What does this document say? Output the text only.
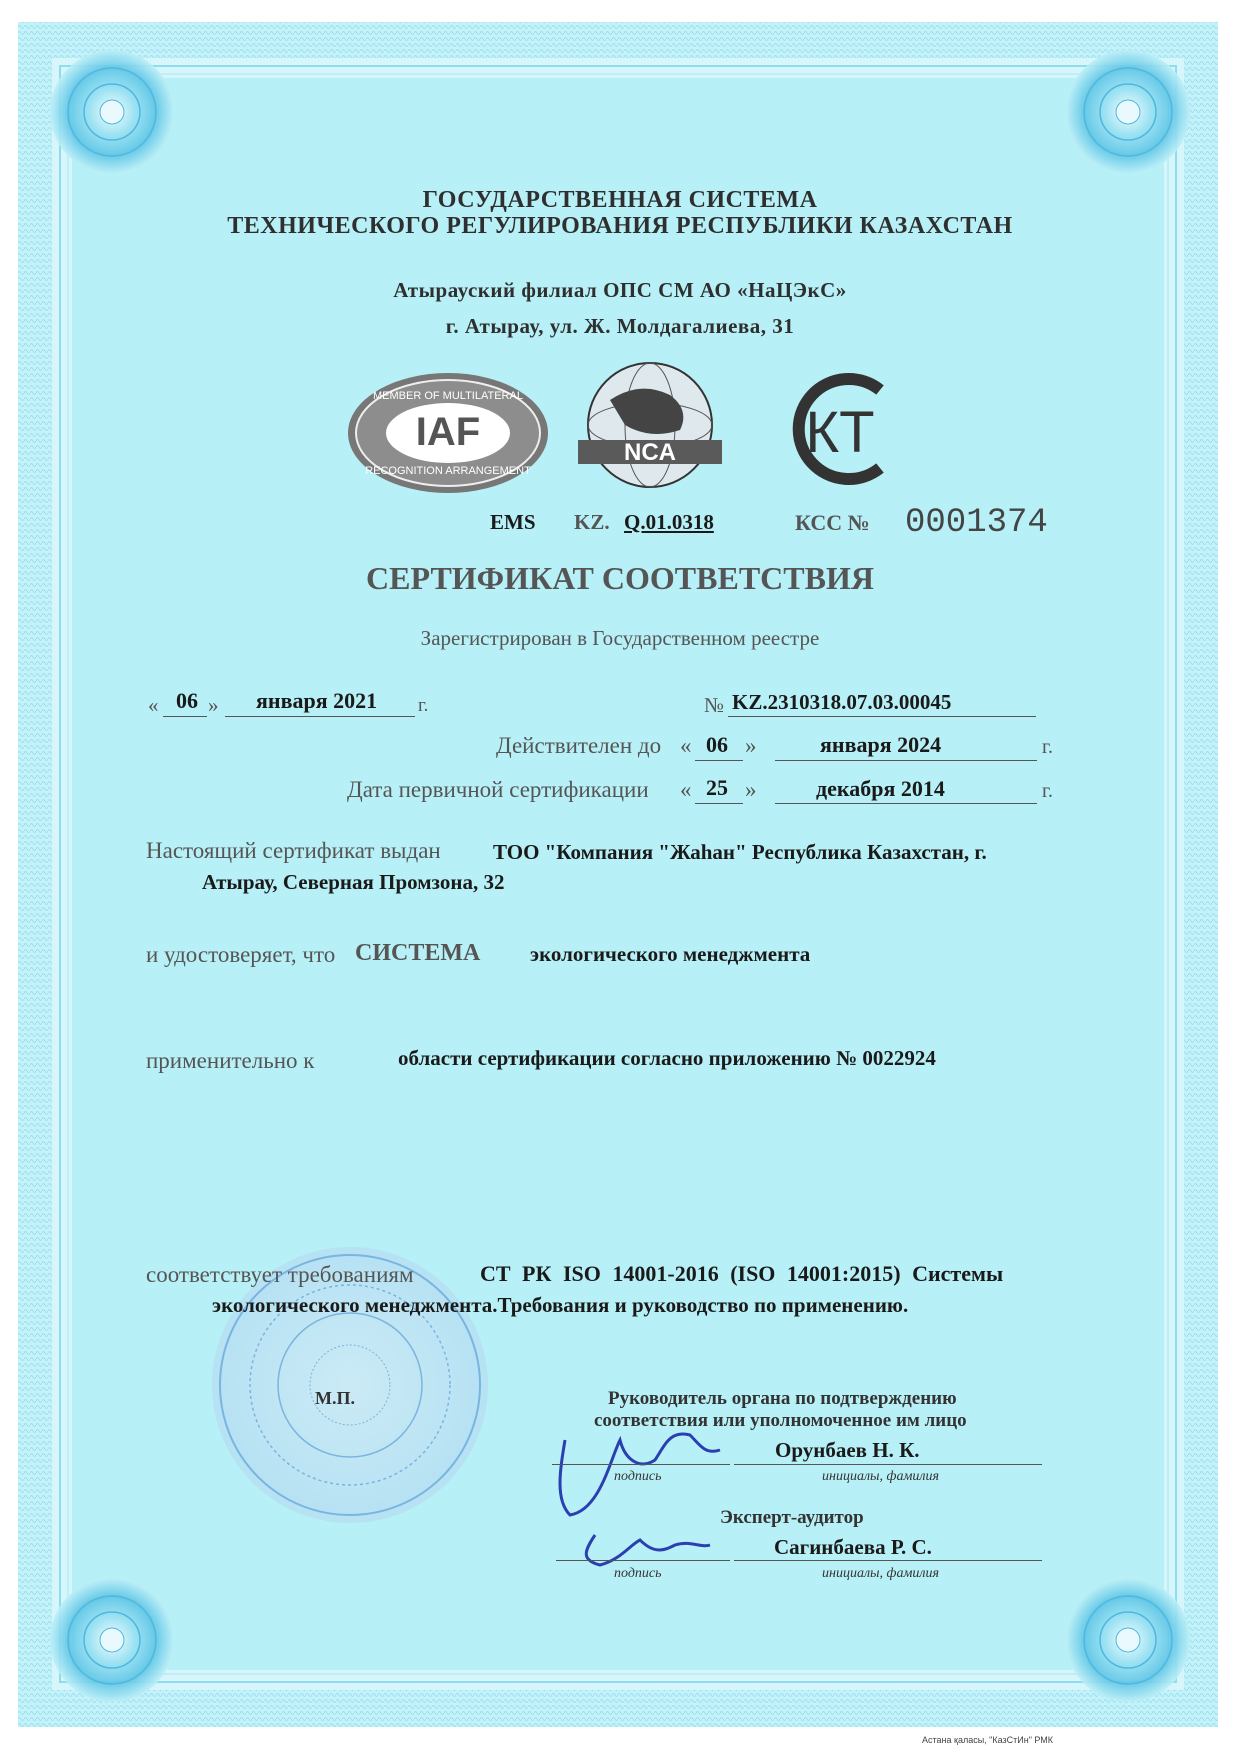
IAF
MEMBER OF MULTILATERAL
RECOGNITION ARRANGEMENT
NCA КТ
ГОСУДАРСТВЕННАЯ СИСТЕМА
ТЕХНИЧЕСКОГО РЕГУЛИРОВАНИЯ РЕСПУБЛИКИ КАЗАХСТАН
Атырауский филиал ОПС СМ АО «НаЦЭкС»
г. Атырау, ул. Ж. Молдагалиева, 31
EMS KZ. Q.01.0318	КСС № 0001374
СЕРТИФИКАТ СООТВЕТСТВИЯ
Зарегистрирован в Государственном реестре
« 06 » января 2021 г.	№ KZ.2310318.07.03.00045
Действителен до « 06 »	января 2024	г.
Дата первичной сертификации « 25 »	декабря 2014	г.
Настоящий сертификат выдан ТОО "Компания "Жаһан" Республика Казахстан, г.
Атырау, Северная Промзона, 32
и удостоверяет, что СИСТЕМА экологического менеджмента
применительно к	области сертификации согласно приложению № 0022924
соответствует требованиям	СТ РК ISO 14001-2016 (ISO 14001:2015) Системы
экологического менеджмента.Требования и руководство по применению.
М.П.	Руководитель органа по подтверждению
соответствия или уполномоченное им лицо
подпись
Орунбаев Н. К.
инициалы, фамилия
Эксперт-аудитор
подпись
Сагинбаева Р. С.
инициалы, фамилия
Астана қаласы, "КазСтИн" РМК
